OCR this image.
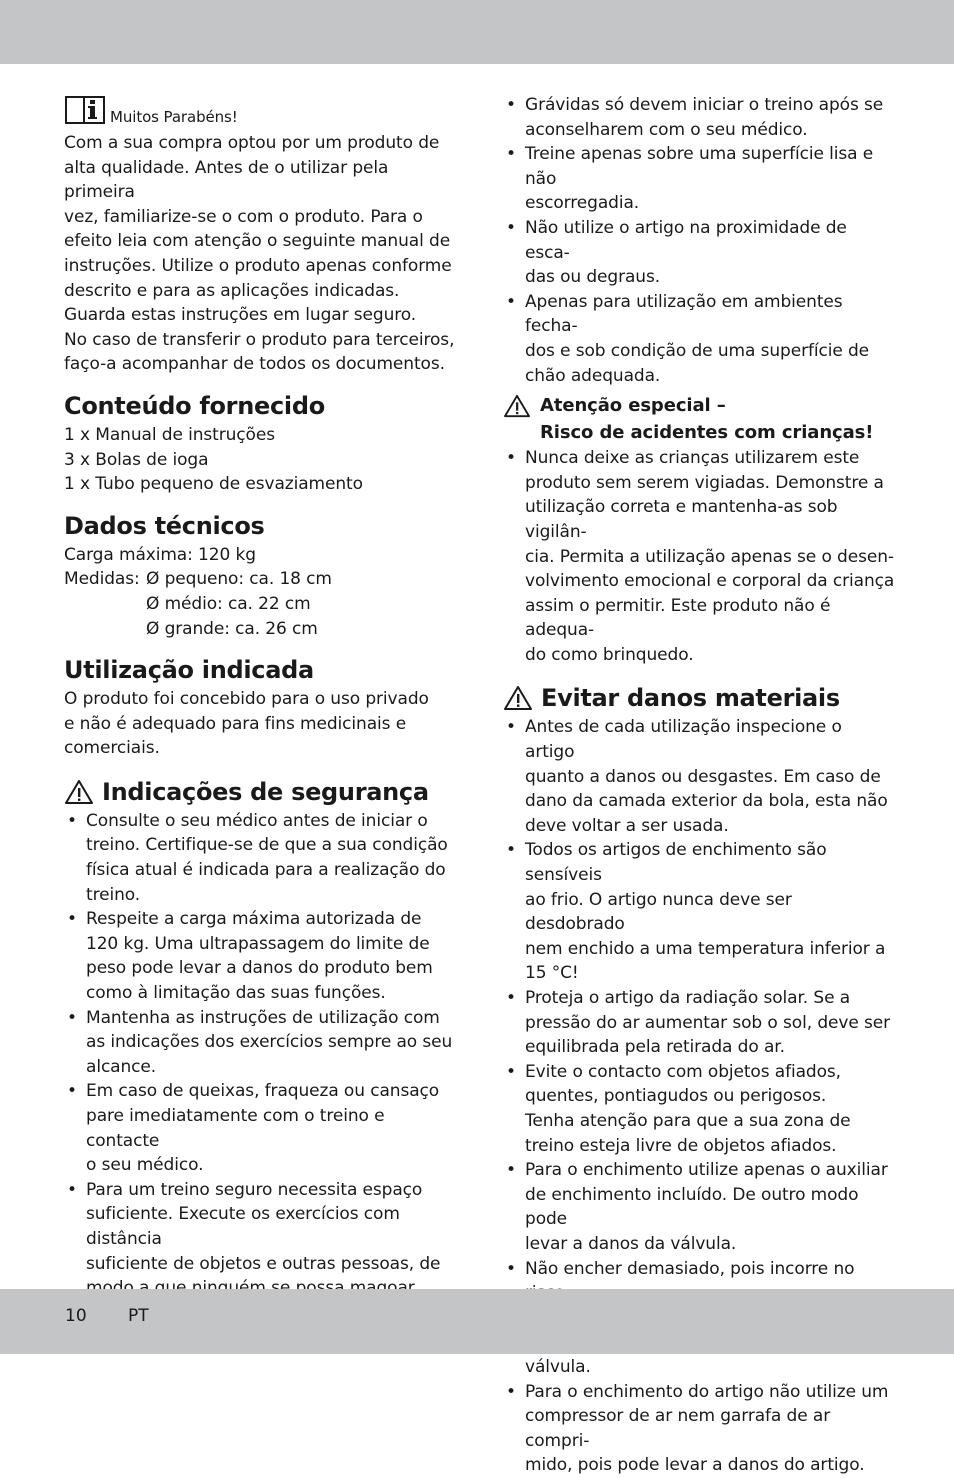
Muitos Parabéns!

Com a sua compra optou por um produto de

alta qualidade. Antes de o utilizar pela primeira

vez, familiarize-se o com o produto. Para o

efeito leia com atenção o seguinte manual de

instruções. Utilize o produto apenas conforme

descrito e para as aplicações indicadas.

Guarda estas instruções em lugar seguro.

No caso de transferir o produto para terceiros,

faço-a acompanhar de todos os documentos.

Conteúdo fornecido

1 x Manual de instruções

3 x Bolas de ioga

1 x Tubo pequeno de esvaziamento

Dados técnicos

Carga máxima: 120 kg

Medidas: Ø pequeno: ca. 18 cm

Ø médio: ca. 22 cm

Ø grande: ca. 26 cm

Utilização indicada

O produto foi concebido para o uso privado

e não é adequado para fins medicinais e

comerciais.

Indicações de segurança
• Consulte o seu médico antes de iniciar o
treino. Certifique-se de que a sua condição
física atual é indicada para a realização do
treino.
• Respeite a carga máxima autorizada de
120 kg. Uma ultrapassagem do limite de
peso pode levar a danos do produto bem
como à limitação das suas funções.
• Mantenha as instruções de utilização com
as indicações dos exercícios sempre ao seu
alcance.
• Em caso de queixas, fraqueza ou cansaço
pare imediatamente com o treino e contacte
o seu médico.
• Para um treino seguro necessita espaço
suficiente. Execute os exercícios com distância
suficiente de objetos e outras pessoas, de

• Grávidas só devem iniciar o treino após se
aconselharem com o seu médico.
• Treine apenas sobre uma superfície lisa e não
escorregadia.
• Não utilize o artigo na proximidade de esca-
das ou degraus.
• Apenas para utilização em ambientes fecha-
dos e sob condição de uma superfície de
chão adequada.
Atenção especial –
Risco de acidentes com crianças!
• Nunca deixe as crianças utilizarem este
produto sem serem vigiadas. Demonstre a
utilização correta e mantenha-as sob vigilân-
cia. Permita a utilização apenas se o desen-
volvimento emocional e corporal da criança
assim o permitir. Este produto não é adequa-
do como brinquedo.
Evitar danos materiais
• Antes de cada utilização inspecione o artigo
quanto a danos ou desgastes. Em caso de
dano da camada exterior da bola, esta não
deve voltar a ser usada.
• Todos os artigos de enchimento são sensíveis
ao frio. O artigo nunca deve ser desdobrado
nem enchido a uma temperatura inferior a
15 °C!
• Proteja o artigo da radiação solar. Se a
pressão do ar aumentar sob o sol, deve ser
equilibrada pela retirada do ar.
• Evite o contacto com objetos afiados,
quentes, pontiagudos ou perigosos.
Tenha atenção para que a sua zona de
treino esteja livre de objetos afiados.
• Para o enchimento utilize apenas o auxiliar
de enchimento incluído. De outro modo pode
levar a danos da válvula.
• Não encher demasiado, pois incorre no

• válvula.
• Para o enchimento do artigo não utilize um
compressor de ar nem garrafa de ar compri-
mido, pois pode levar a danos do artigo.
10 PT
